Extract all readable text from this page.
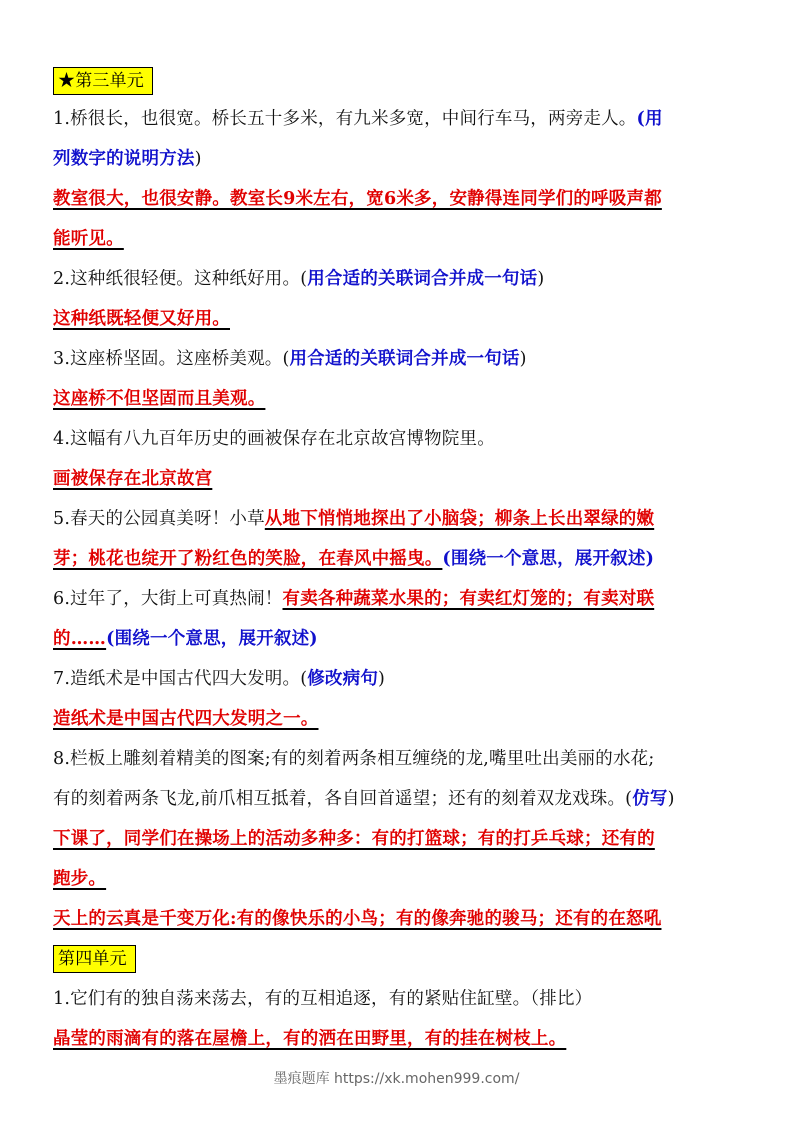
★第三单元
1.桥很长，也很宽。桥长五十多米，有九米多宽，中间行车马，两旁走人。(用
列数字的说明方法)
教室很大，也很安静。教室长9米左右，宽6米多，安静得连同学们的呼吸声都
能听见。
2.这种纸很轻便。这种纸好用。(用合适的关联词合并成一句话)
这种纸既轻便又好用。
3.这座桥坚固。这座桥美观。(用合适的关联词合并成一句话)
这座桥不但坚固而且美观。
4.这幅有八九百年历史的画被保存在北京故宫博物院里。
画被保存在北京故宫
5.春天的公园真美呀！小草从地下悄悄地探出了小脑袋；柳条上长出翠绿的嫩
芽；桃花也绽开了粉红色的笑脸，在春风中摇曳。(围绕一个意思，展开叙述)
6.过年了，大街上可真热闹！有卖各种蔬菜水果的；有卖红灯笼的；有卖对联
的……(围绕一个意思，展开叙述)
7.造纸术是中国古代四大发明。(修改病句)
造纸术是中国古代四大发明之一。
8.栏板上雕刻着精美的图案;有的刻着两条相互缠绕的龙,嘴里吐出美丽的水花;
有的刻着两条飞龙,前爪相互抵着，各自回首遥望；还有的刻着双龙戏珠。(仿写)
下课了，同学们在操场上的活动多种多：有的打篮球；有的打乒乓球；还有的
跑步。
天上的云真是千变万化:有的像快乐的小鸟；有的像奔驰的骏马；还有的在怒吼
第四单元
1.它们有的独自荡来荡去，有的互相追逐，有的紧贴住缸壁。（排比）
晶莹的雨滴有的落在屋檐上，有的洒在田野里，有的挂在树枝上。
墨痕题库 https://xk.mohen999.com/
